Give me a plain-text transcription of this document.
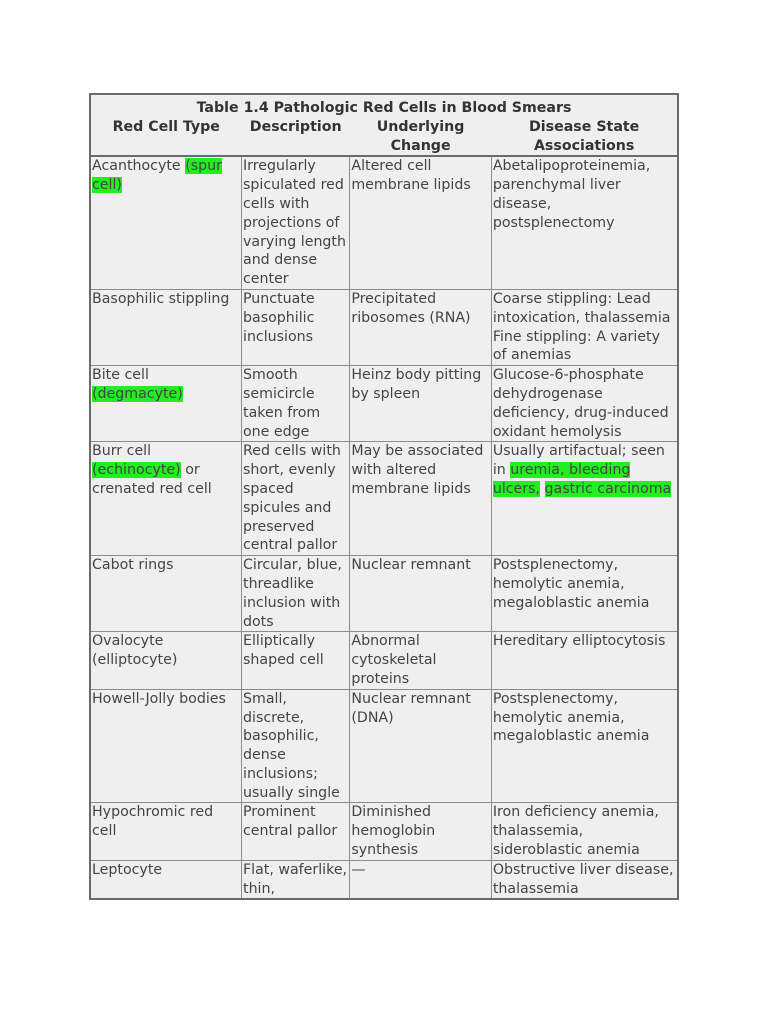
Table 1.4 Pathologic Red Cells in Blood Smears			
Red Cell Type	Description	Underlying Change	Disease State Associations
Acanthocyte (spur cell)	Irregularly spiculated red cells with projections of varying length and dense center	Altered cell membrane lipids	Abetalipoproteinemia, parenchymal liver disease, postsplenectomy

Basophilic stippling	Punctuate basophilic inclusions	Precipitated ribosomes (RNA)	Coarse stippling: Lead intoxication, thalassemia
Fine stippling: A variety of anemias

Bite cell (degmacyte)	Smooth semicircle taken from one edge	Heinz body pitting by spleen	Glucose-6-phosphate dehydrogenase deficiency, drug-induced oxidant hemolysis

Burr cell (echinocyte) or crenated red cell	Red cells with short, evenly spaced spicules and preserved central pallor	May be associated with altered membrane lipids	Usually artifactual; seen in uremia, bleeding ulcers, gastric carcinoma

Cabot rings	Circular, blue, threadlike inclusion with dots	Nuclear remnant	Postsplenectomy, hemolytic anemia, megaloblastic anemia

Ovalocyte (elliptocyte)	Elliptically shaped cell	Abnormal cytoskeletal proteins	Hereditary elliptocytosis

Howell-Jolly bodies	Small, discrete, basophilic, dense inclusions; usually single	Nuclear remnant (DNA)	Postsplenectomy, hemolytic anemia, megaloblastic anemia

Hypochromic red cell	Prominent central pallor	Diminished hemoglobin synthesis	Iron deficiency anemia, thalassemia, sideroblastic anemia

Leptocyte	Flat, waferlike, thin,	—	Obstructive liver disease, thalassemia
